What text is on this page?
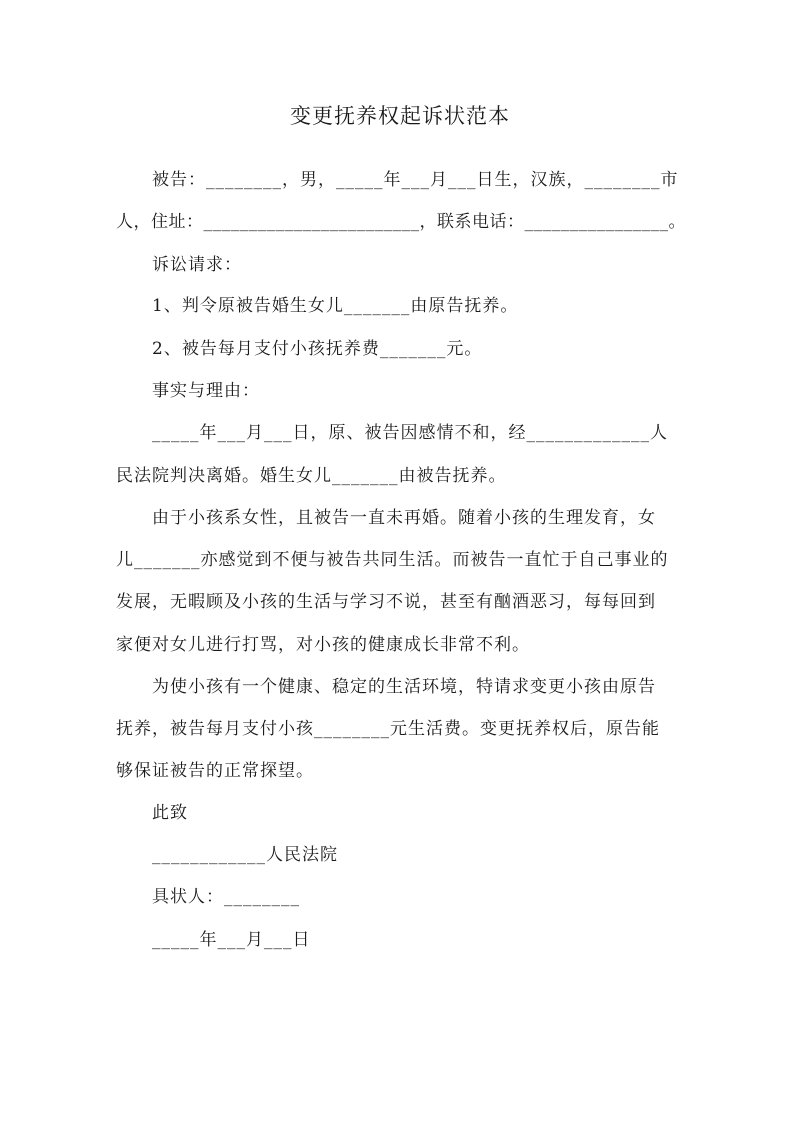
变更抚养权起诉状范本
被告：________，男，_____年___月___日生，汉族，________市
人，住址：________________________，联系电话：________________。
诉讼请求：
1、判令原被告婚生女儿_______由原告抚养。
2、被告每月支付小孩抚养费_______元。
事实与理由：
_____年___月___日，原、被告因感情不和，经_____________人
民法院判决离婚。婚生女儿_______由被告抚养。
由于小孩系女性，且被告一直未再婚。随着小孩的生理发育，女
儿_______亦感觉到不便与被告共同生活。而被告一直忙于自己事业的
发展，无暇顾及小孩的生活与学习不说，甚至有酗酒恶习，每每回到
家便对女儿进行打骂，对小孩的健康成长非常不利。
为使小孩有一个健康、稳定的生活环境，特请求变更小孩由原告
抚养，被告每月支付小孩________元生活费。变更抚养权后，原告能
够保证被告的正常探望。
此致
____________人民法院
具状人：________
_____年___月___日
